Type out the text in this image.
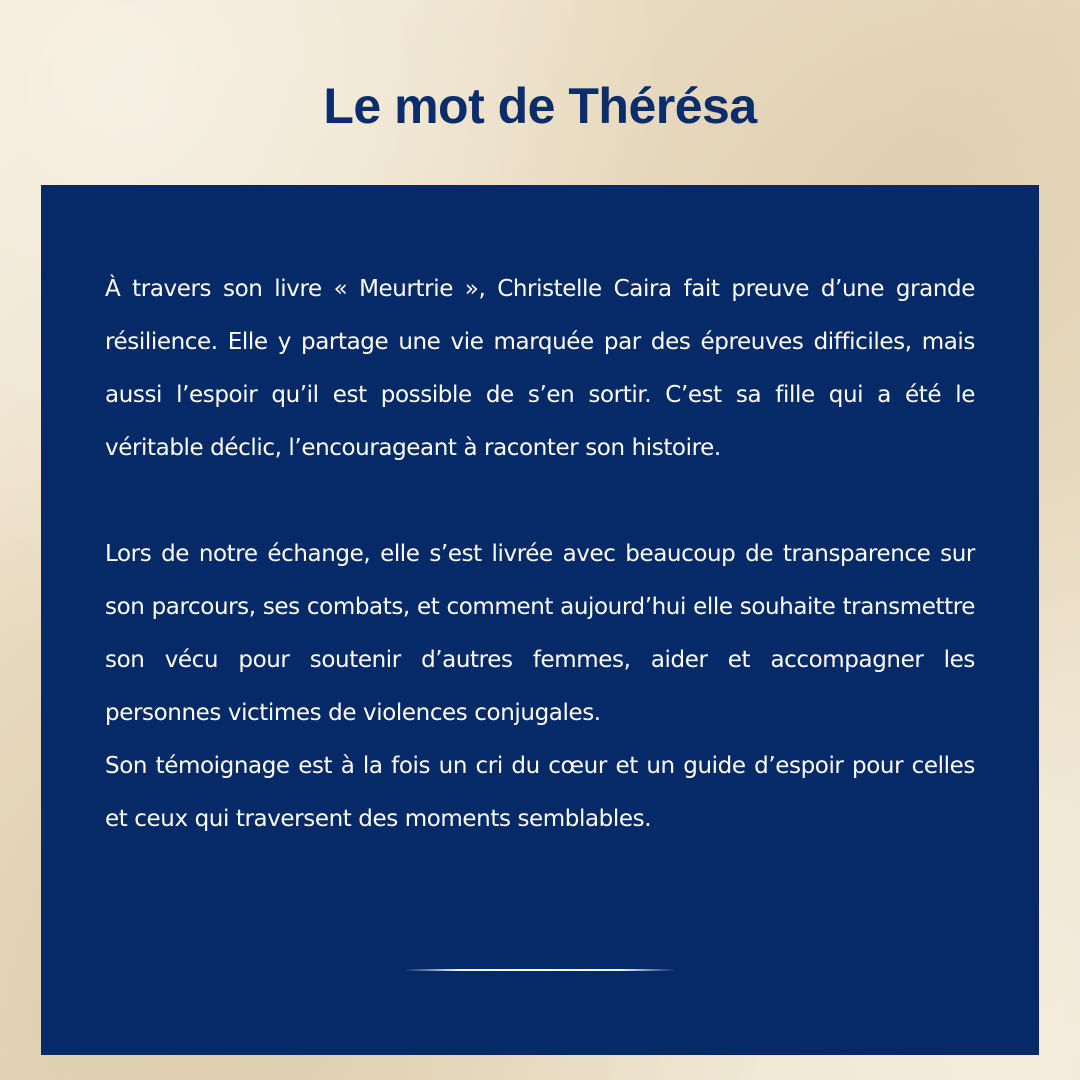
Le mot de Thérésa

À travers son livre « Meurtrie », Christelle Caira fait preuve d’une grande résilience. Elle y partage une vie marquée par des épreuves difficiles, mais aussi l’espoir qu’il est possible de s’en sortir. C’est sa fille qui a été le véritable déclic, l’encourageant à raconter son histoire.

Lors de notre échange, elle s’est livrée avec beaucoup de transparence sur son parcours, ses combats, et comment aujourd’hui elle souhaite transmettre son vécu pour soutenir d’autres femmes, aider et accompagner les personnes victimes de violences conjugales.

Son témoignage est à la fois un cri du cœur et un guide d’espoir pour celles et ceux qui traversent des moments semblables.
